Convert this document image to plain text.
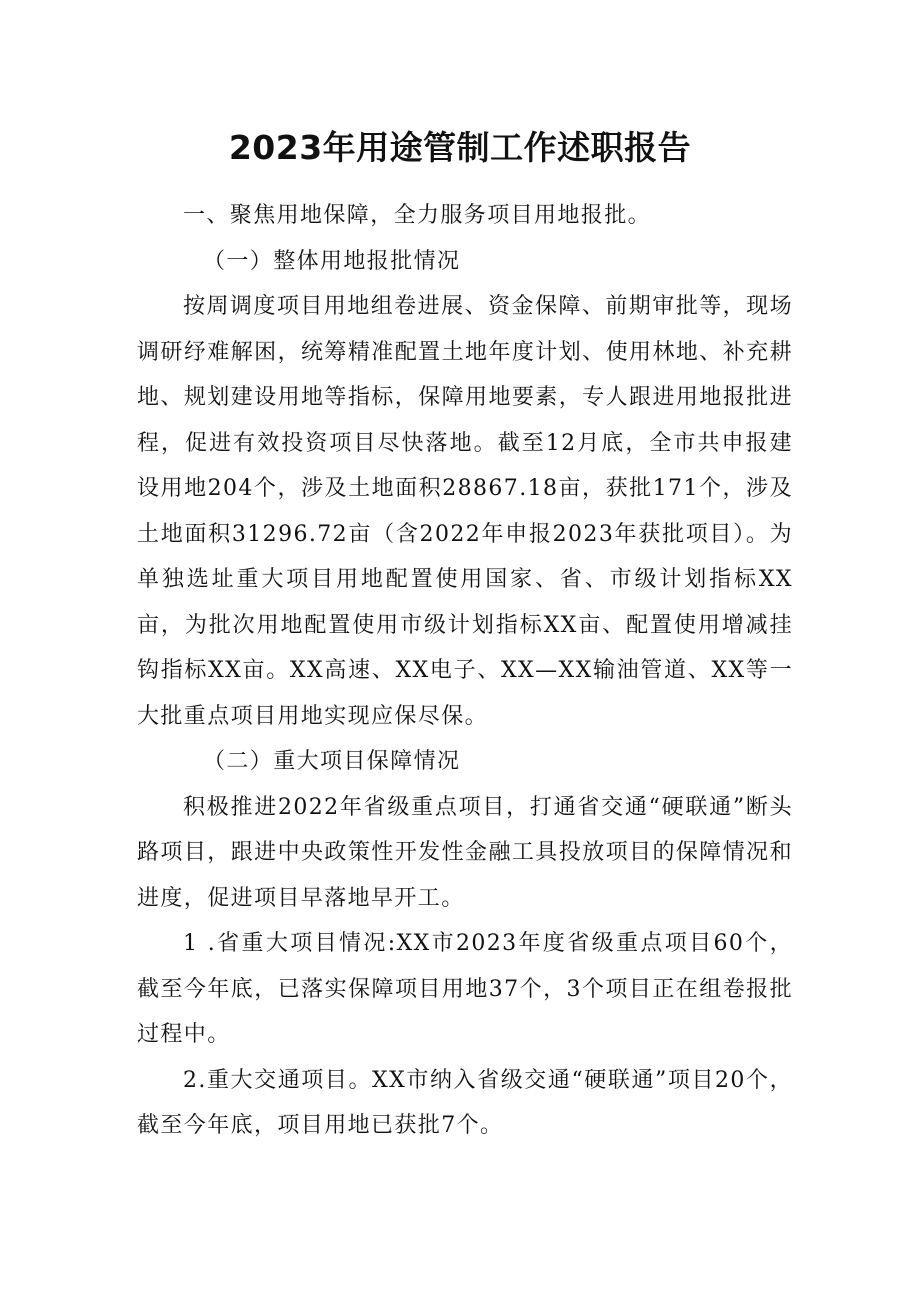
2023年用途管制工作述职报告

一、聚焦用地保障，全力服务项目用地报批。

（一）整体用地报批情况

按周调度项目用地组卷进展、资金保障、前期审批等，现场调研纾难解困，统筹精准配置土地年度计划、使用林地、补充耕地、规划建设用地等指标，保障用地要素，专人跟进用地报批进程，促进有效投资项目尽快落地。截至12月底，全市共申报建设用地204个，涉及土地面积28867.18亩，获批171个，涉及土地面积31296.72亩（含2022年申报2023年获批项目）。为单独选址重大项目用地配置使用国家、省、市级计划指标XX亩，为批次用地配置使用市级计划指标XX亩、配置使用增减挂钩指标XX亩。XX高速、XX电子、XX—XX输油管道、XX等一大批重点项目用地实现应保尽保。

（二）重大项目保障情况

积极推进2022年省级重点项目，打通省交通“硬联通”断头路项目，跟进中央政策性开发性金融工具投放项目的保障情况和进度，促进项目早落地早开工。

1 .省重大项目情况:XX市2023年度省级重点项目60个，截至今年底，已落实保障项目用地37个，3个项目正在组卷报批过程中。

2.重大交通项目。XX市纳入省级交通“硬联通”项目20个，截至今年底，项目用地已获批7个。
